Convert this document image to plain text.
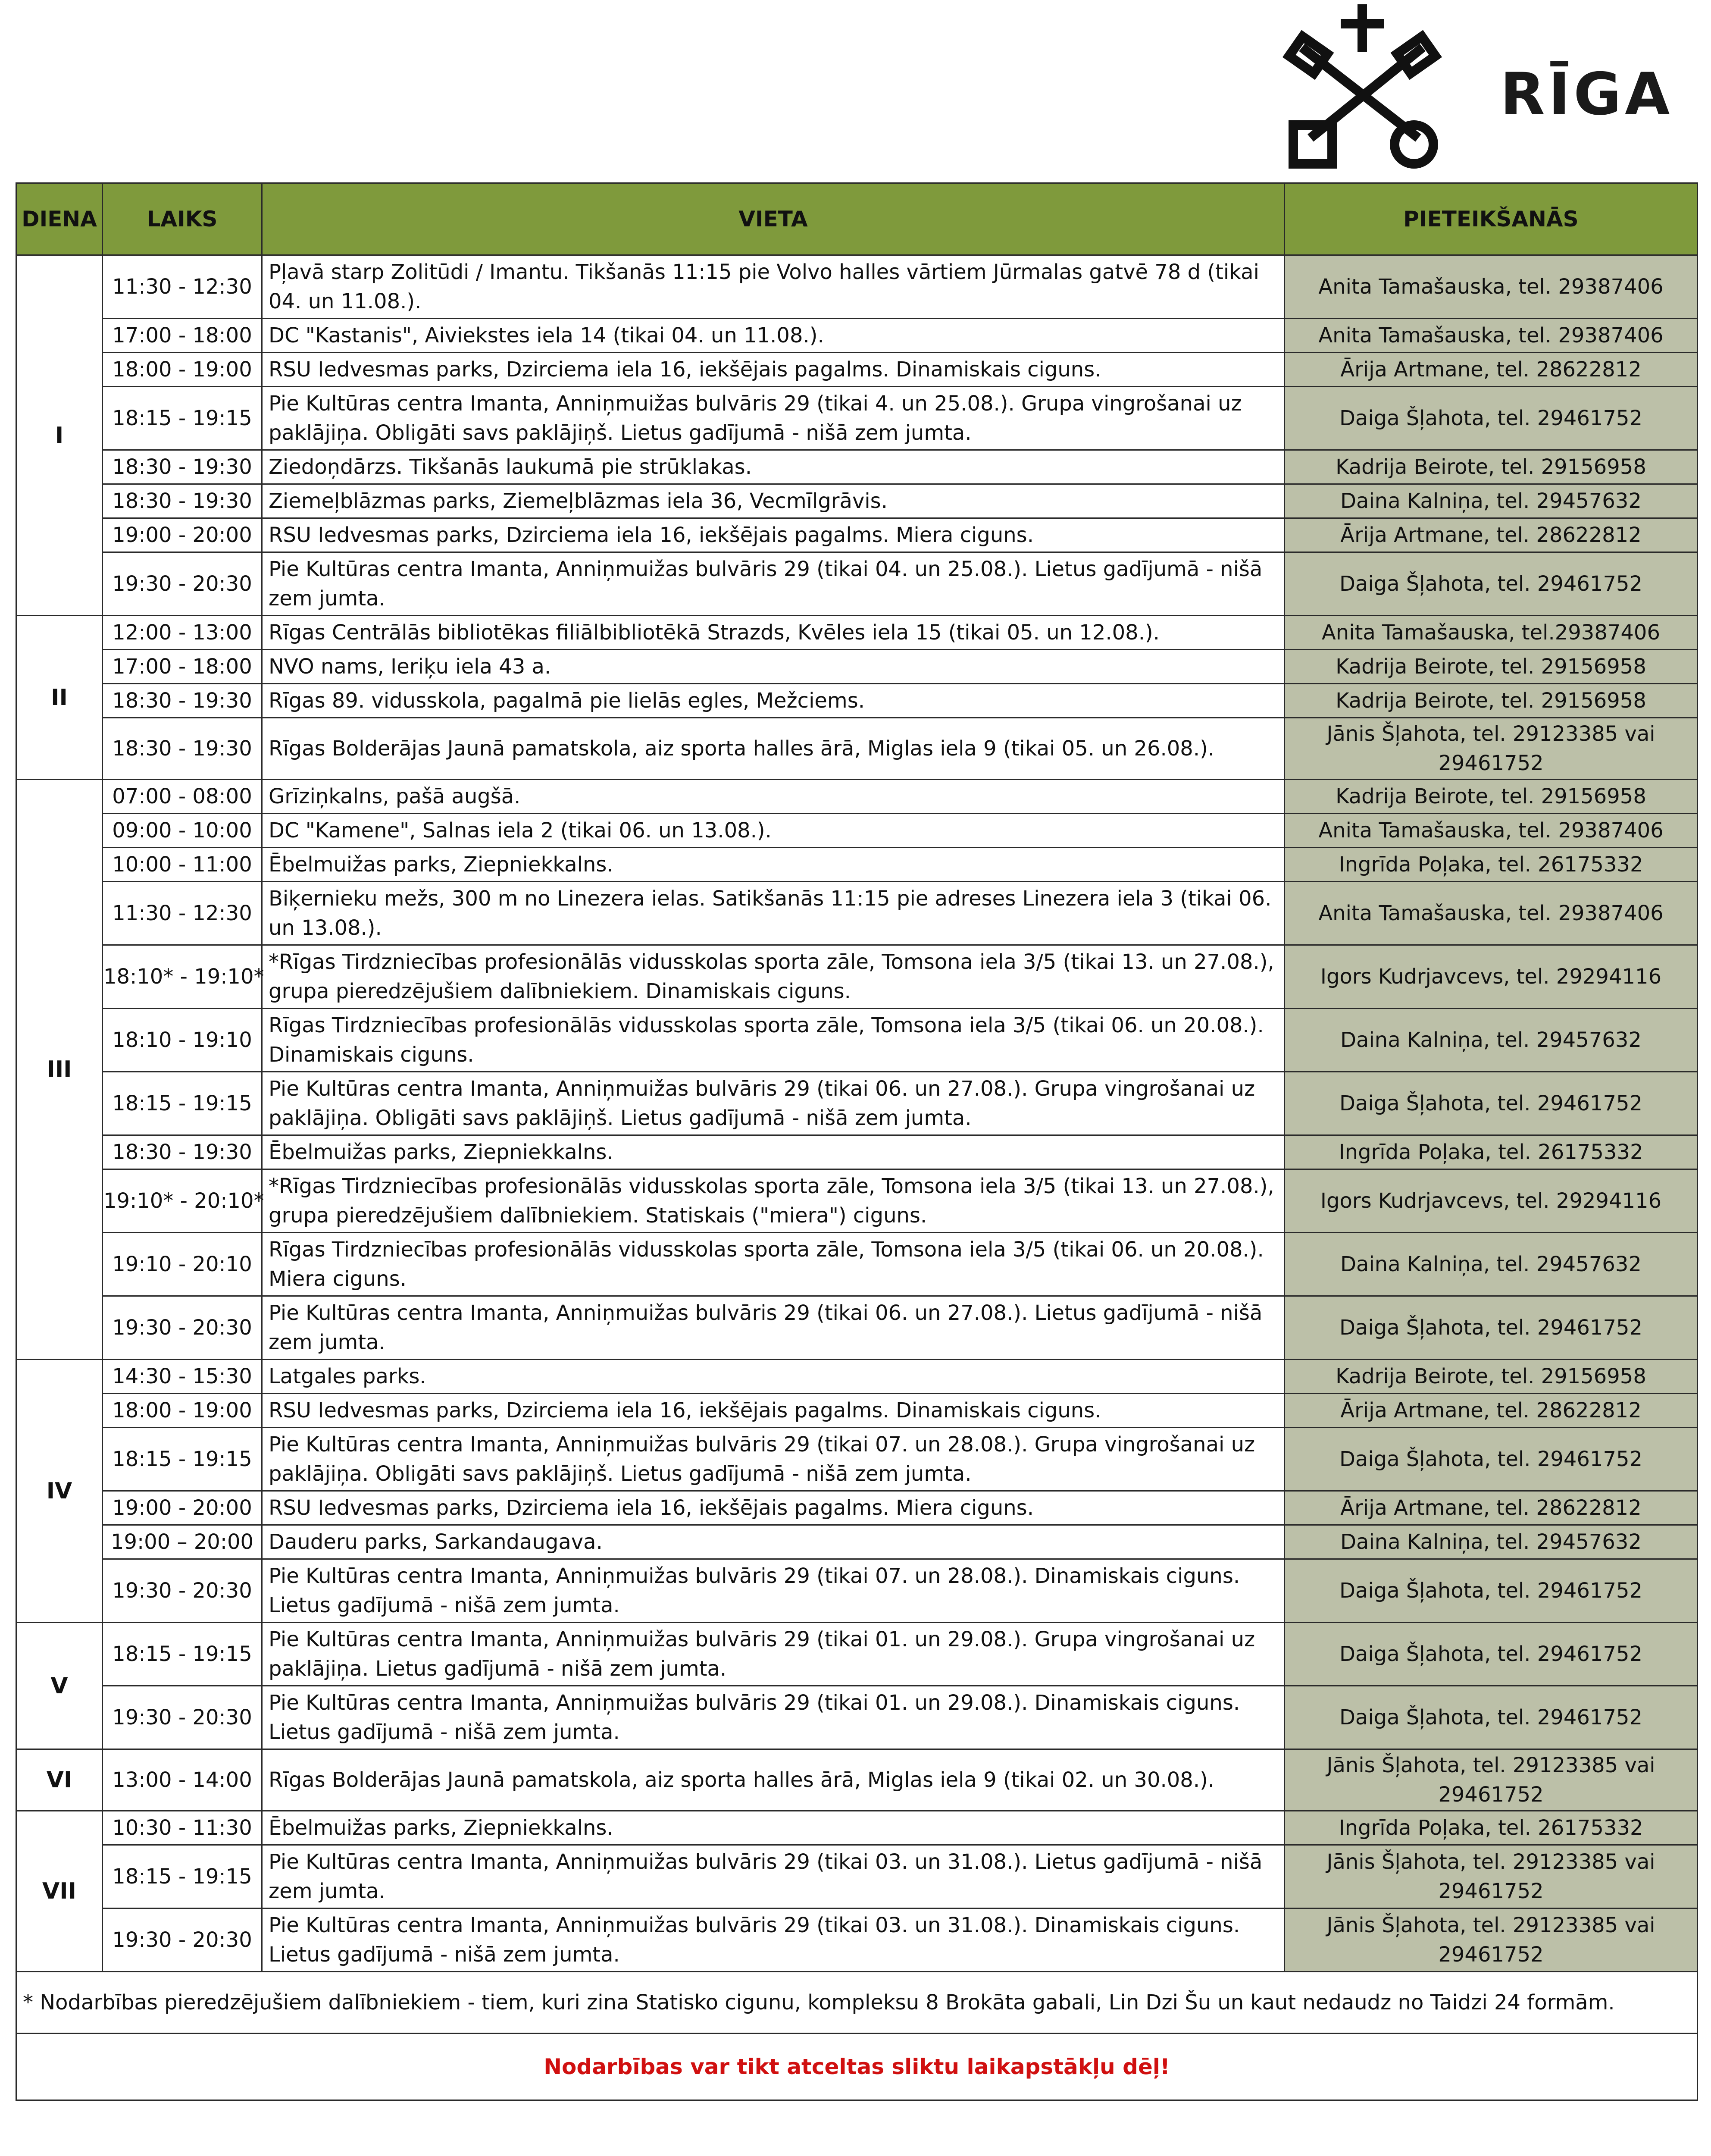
RĪGA
DIENA	LAIKS	VIETA	PIETEIKŠANĀS
I	11:30 - 12:30	Pļavā starp Zolitūdi / Imantu. Tikšanās 11:15 pie Volvo halles vārtiem Jūrmalas gatvē 78 d (tikai 04. un 11.08.).	Anita Tamašauska, tel. 29387406
	17:00 - 18:00	DC "Kastanis", Aiviekstes iela 14 (tikai 04. un 11.08.).	Anita Tamašauska, tel. 29387406
	18:00 - 19:00	RSU Iedvesmas parks, Dzirciema iela 16, iekšējais pagalms. Dinamiskais ciguns.	Ārija Artmane, tel. 28622812
	18:15 - 19:15	Pie Kultūras centra Imanta, Anniņmuižas bulvāris 29 (tikai 4. un 25.08.). Grupa vingrošanai uz paklājiņa. Obligāti savs paklājiņš. Lietus gadījumā - nišā zem jumta.	Daiga Šļahota, tel. 29461752
	18:30 - 19:30	Ziedoņdārzs. Tikšanās laukumā pie strūklakas.	Kadrija Beirote, tel. 29156958
	18:30 - 19:30	Ziemeļblāzmas parks, Ziemeļblāzmas iela 36, Vecmīlgrāvis.	Daina Kalniņa, tel. 29457632
	19:00 - 20:00	RSU Iedvesmas parks, Dzirciema iela 16, iekšējais pagalms. Miera ciguns.	Ārija Artmane, tel. 28622812
	19:30 - 20:30	Pie Kultūras centra Imanta, Anniņmuižas bulvāris 29 (tikai 04. un 25.08.). Lietus gadījumā - nišā zem jumta.	Daiga Šļahota, tel. 29461752
II	12:00 - 13:00	Rīgas Centrālās bibliotēkas filiālbibliotēkā Strazds, Kvēles iela 15 (tikai 05. un 12.08.).	Anita Tamašauska, tel.29387406
	17:00 - 18:00	NVO nams, Ieriķu iela 43 a.	Kadrija Beirote, tel. 29156958
	18:30 - 19:30	Rīgas 89. vidusskola, pagalmā pie lielās egles, Mežciems.	Kadrija Beirote, tel. 29156958
	18:30 - 19:30	Rīgas Bolderājas Jaunā pamatskola, aiz sporta halles ārā, Miglas iela 9 (tikai 05. un 26.08.).	Jānis Šļahota, tel. 29123385 vai 29461752
III	07:00 - 08:00	Grīziņkalns, pašā augšā.	Kadrija Beirote, tel. 29156958
	09:00 - 10:00	DC "Kamene", Salnas iela 2 (tikai 06. un 13.08.).	Anita Tamašauska, tel. 29387406
	10:00 - 11:00	Ēbelmuižas parks, Ziepniekkalns.	Ingrīda Poļaka, tel. 26175332
	11:30 - 12:30	Biķernieku mežs, 300 m no Linezera ielas. Satikšanās 11:15 pie adreses Linezera iela 3 (tikai 06. un 13.08.).	Anita Tamašauska, tel. 29387406
	18:10* - 19:10*	*Rīgas Tirdzniecības profesionālās vidusskolas sporta zāle, Tomsona iela 3/5 (tikai 13. un 27.08.), grupa pieredzējušiem dalībniekiem. Dinamiskais ciguns.	Igors Kudrjavcevs, tel. 29294116
	18:10 - 19:10	Rīgas Tirdzniecības profesionālās vidusskolas sporta zāle, Tomsona iela 3/5 (tikai 06. un 20.08.). Dinamiskais ciguns.	Daina Kalniņa, tel. 29457632
	18:15 - 19:15	Pie Kultūras centra Imanta, Anniņmuižas bulvāris 29 (tikai 06. un 27.08.). Grupa vingrošanai uz paklājiņa. Obligāti savs paklājiņš. Lietus gadījumā - nišā zem jumta.	Daiga Šļahota, tel. 29461752
	18:30 - 19:30	Ēbelmuižas parks, Ziepniekkalns.	Ingrīda Poļaka, tel. 26175332
	19:10* - 20:10*	*Rīgas Tirdzniecības profesionālās vidusskolas sporta zāle, Tomsona iela 3/5 (tikai 13. un 27.08.), grupa pieredzējušiem dalībniekiem. Statiskais ("miera") ciguns.	Igors Kudrjavcevs, tel. 29294116
	19:10 - 20:10	Rīgas Tirdzniecības profesionālās vidusskolas sporta zāle, Tomsona iela 3/5 (tikai 06. un 20.08.). Miera ciguns.	Daina Kalniņa, tel. 29457632
	19:30 - 20:30	Pie Kultūras centra Imanta, Anniņmuižas bulvāris 29 (tikai 06. un 27.08.). Lietus gadījumā - nišā zem jumta.	Daiga Šļahota, tel. 29461752
IV	14:30 - 15:30	Latgales parks.	Kadrija Beirote, tel. 29156958
	18:00 - 19:00	RSU Iedvesmas parks, Dzirciema iela 16, iekšējais pagalms. Dinamiskais ciguns.	Ārija Artmane, tel. 28622812
	18:15 - 19:15	Pie Kultūras centra Imanta, Anniņmuižas bulvāris 29 (tikai 07. un 28.08.). Grupa vingrošanai uz paklājiņa. Obligāti savs paklājiņš. Lietus gadījumā - nišā zem jumta.	Daiga Šļahota, tel. 29461752
	19:00 - 20:00	RSU Iedvesmas parks, Dzirciema iela 16, iekšējais pagalms. Miera ciguns.	Ārija Artmane, tel. 28622812
	19:00 – 20:00	Dauderu parks, Sarkandaugava.	Daina Kalniņa, tel. 29457632
	19:30 - 20:30	Pie Kultūras centra Imanta, Anniņmuižas bulvāris 29 (tikai 07. un 28.08.). Dinamiskais ciguns. Lietus gadījumā - nišā zem jumta.	Daiga Šļahota, tel. 29461752
V	18:15 - 19:15	Pie Kultūras centra Imanta, Anniņmuižas bulvāris 29 (tikai 01. un 29.08.). Grupa vingrošanai uz paklājiņa. Lietus gadījumā - nišā zem jumta.	Daiga Šļahota, tel. 29461752
	19:30 - 20:30	Pie Kultūras centra Imanta, Anniņmuižas bulvāris 29 (tikai 01. un 29.08.). Dinamiskais ciguns. Lietus gadījumā - nišā zem jumta.	Daiga Šļahota, tel. 29461752
VI	13:00 - 14:00	Rīgas Bolderājas Jaunā pamatskola, aiz sporta halles ārā, Miglas iela 9 (tikai 02. un 30.08.).	Jānis Šļahota, tel. 29123385 vai 29461752
VII	10:30 - 11:30	Ēbelmuižas parks, Ziepniekkalns.	Ingrīda Poļaka, tel. 26175332
	18:15 - 19:15	Pie Kultūras centra Imanta, Anniņmuižas bulvāris 29 (tikai 03. un 31.08.). Lietus gadījumā - nišā zem jumta.	Jānis Šļahota, tel. 29123385 vai 29461752
	19:30 - 20:30	Pie Kultūras centra Imanta, Anniņmuižas bulvāris 29 (tikai 03. un 31.08.). Dinamiskais ciguns. Lietus gadījumā - nišā zem jumta.	Jānis Šļahota, tel. 29123385 vai 29461752
* Nodarbības pieredzējušiem dalībniekiem - tiem, kuri zina Statisko cigunu, kompleksu 8 Brokāta gabali, Lin Dzi Šu un kaut nedaudz no Taidzi 24 formām.			
Nodarbības var tikt atceltas sliktu laikapstākļu dēļ!			
